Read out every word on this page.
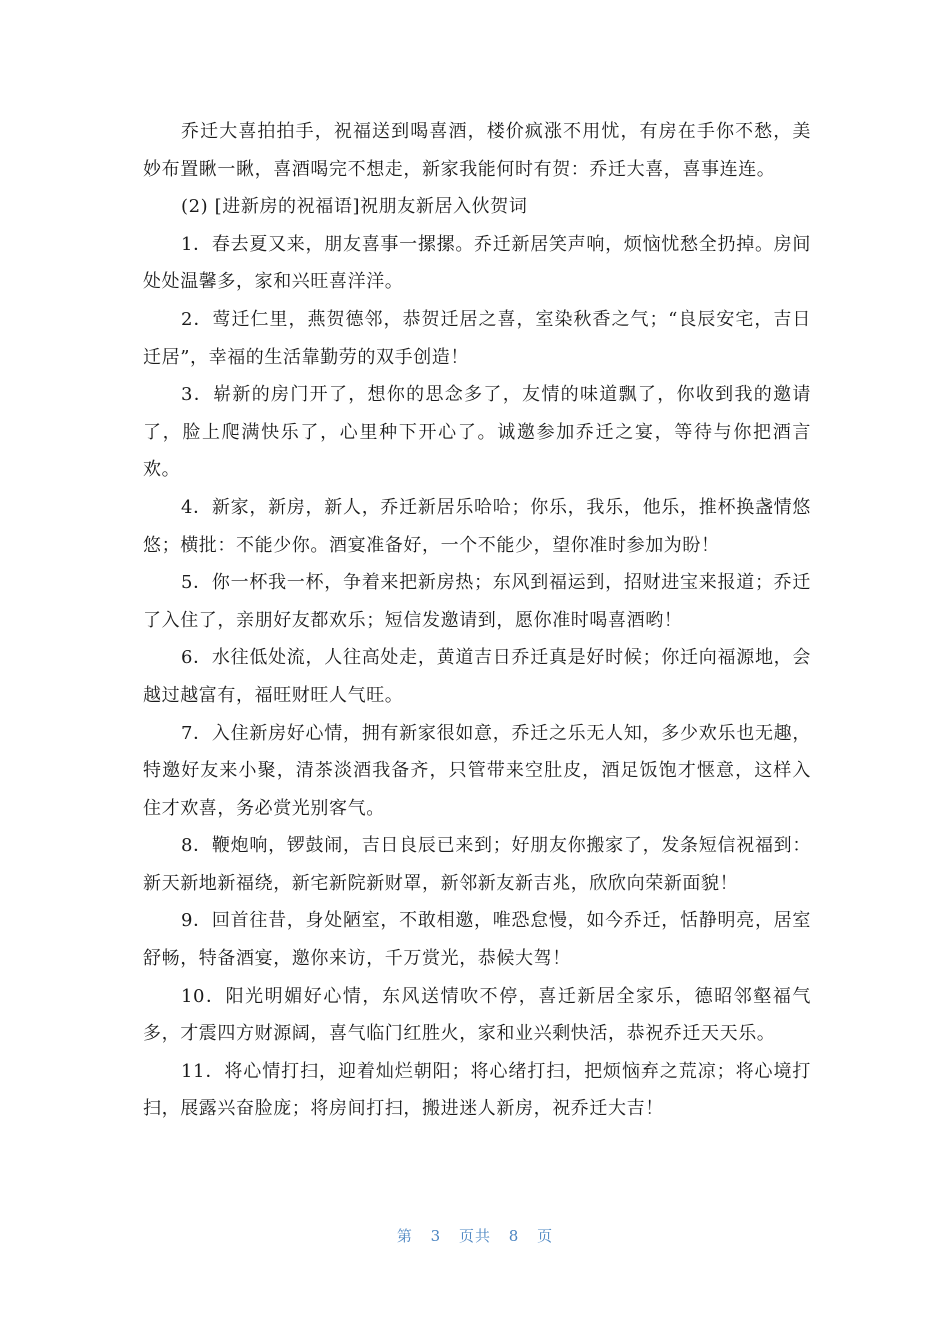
乔迁大喜拍拍手，祝福送到喝喜酒，楼价疯涨不用忧，有房在手你不愁，美妙布置瞅一瞅，喜酒喝完不想走，新家我能何时有贺：乔迁大喜，喜事连连。

(2) [进新房的祝福语]祝朋友新居入伙贺词

1．春去夏又来，朋友喜事一摞摞。乔迁新居笑声响，烦恼忧愁全扔掉。房间处处温馨多，家和兴旺喜洋洋。

2．莺迁仁里，燕贺德邻，恭贺迁居之喜，室染秋香之气；“良辰安宅，吉日迁居”，幸福的生活靠勤劳的双手创造！

3．崭新的房门开了，想你的思念多了，友情的味道飘了，你收到我的邀请了，脸上爬满快乐了，心里种下开心了。诚邀参加乔迁之宴，等待与你把酒言欢。

4．新家，新房，新人，乔迁新居乐哈哈；你乐，我乐，他乐，推杯换盏情悠悠；横批：不能少你。酒宴准备好，一个不能少，望你准时参加为盼！

5．你一杯我一杯，争着来把新房热；东风到福运到，招财进宝来报道；乔迁了入住了，亲朋好友都欢乐；短信发邀请到，愿你准时喝喜酒哟！

6．水往低处流，人往高处走，黄道吉日乔迁真是好时候；你迁向福源地，会越过越富有，福旺财旺人气旺。

7．入住新房好心情，拥有新家很如意，乔迁之乐无人知，多少欢乐也无趣，特邀好友来小聚，清茶淡酒我备齐，只管带来空肚皮，酒足饭饱才惬意，这样入住才欢喜，务必赏光别客气。

8．鞭炮响，锣鼓闹，吉日良辰已来到；好朋友你搬家了，发条短信祝福到：新天新地新福绕，新宅新院新财罩，新邻新友新吉兆，欣欣向荣新面貌！

9．回首往昔，身处陋室，不敢相邀，唯恐怠慢，如今乔迁，恬静明亮，居室舒畅，特备酒宴，邀你来访，千万赏光，恭候大驾！

10．阳光明媚好心情，东风送情吹不停，喜迁新居全家乐，德昭邻壑福气多，才震四方财源阔，喜气临门红胜火，家和业兴剩快活，恭祝乔迁天天乐。

11．将心情打扫，迎着灿烂朝阳；将心绪打扫，把烦恼弃之荒凉；将心境打扫，展露兴奋脸庞；将房间打扫，搬进迷人新房，祝乔迁大吉！

第 3 页共 8 页
